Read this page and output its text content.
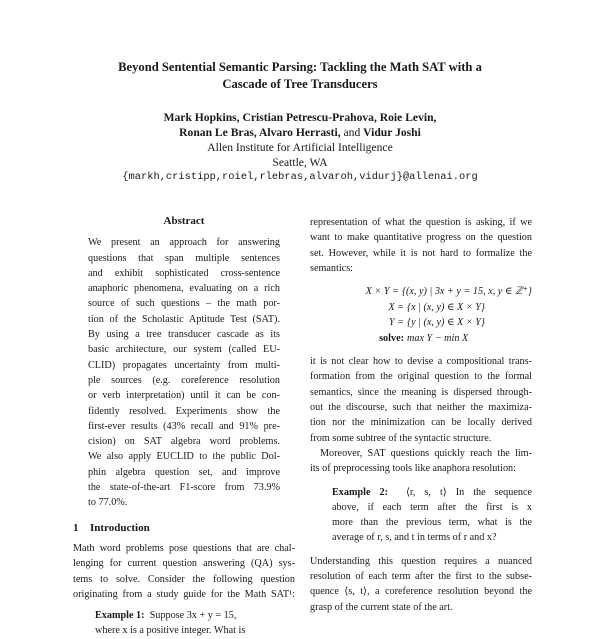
Beyond Sentential Semantic Parsing: Tackling the Math SAT with a
Cascade of Tree Transducers
Mark Hopkins, Cristian Petrescu-Prahova, Roie Levin,
Ronan Le Bras, Alvaro Herrasti, and Vidur Joshi
Allen Institute for Artificial Intelligence
Seattle, WA
{markh,cristipp,roiel,rlebras,alvaroh,vidurj}@allenai.org
Abstract
We present an approach for answering
questions that span multiple sentences
and exhibit sophisticated cross-sentence
anaphoric phenomena, evaluating on a rich
source of such questions – the math por-
tion of the Scholastic Aptitude Test (SAT).
By using a tree transducer cascade as its
basic architecture, our system (called EU-
CLID) propagates uncertainty from multi-
ple sources (e.g. coreference resolution
or verb interpretation) until it can be con-
fidently resolved. Experiments show the
first-ever results (43% recall and 91% pre-
cision) on SAT algebra word problems.
We also apply EUCLID to the public Dol-
phin algebra question set, and improve
the state-of-the-art F1-score from 73.9%
to 77.0%.
1 Introduction
Math word problems pose questions that are chal-
lenging for current question answering (QA) sys-
tems to solve. Consider the following question
originating from a study guide for the Math SAT¹:
Example 1: Suppose 3x + y = 15,
where x is a positive integer. What is
representation of what the question is asking, if we
want to make quantitative progress on the question
set. However, while it is not hard to formalize the
semantics:
X × Y = {(x, y) | 3x + y = 15, x, y ∈ ℤ⁺}
X = {x | (x, y) ∈ X × Y}
Y = {y | (x, y) ∈ X × Y}
solve: max Y − min X
it is not clear how to devise a compositional trans-
formation from the original question to the formal
semantics, since the meaning is dispersed through-
out the discourse, such that neither the maximiza-
tion nor the minimization can be locally derived
from some subtree of the syntactic structure.
Moreover, SAT questions quickly reach the lim-
its of preprocessing tools like anaphora resolution:
Example 2: ⟨r, s, t⟩ In the sequence
above, if each term after the first is x
more than the previous term, what is the
average of r, s, and t in terms of r and x?
Understanding this question requires a nuanced
resolution of each term after the first to the subse-
quence ⟨s, t⟩, a coreference resolution beyond the
grasp of the current state of the art.
